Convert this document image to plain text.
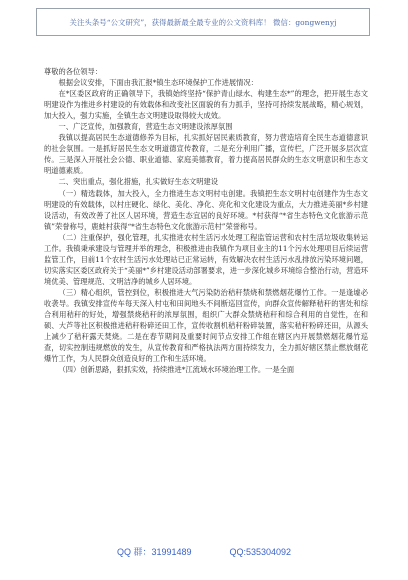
关注头条号“公文研究”，获得最新最全最专业的公文资料库！ 微信：gongwenyj

尊敬的各位领导：

根据会议安排，下面由我汇报*镇生态环境保护工作进展情况：

在*区委区政府的正确领导下，我镇始终坚持“保护青山绿水、构建生态*”的理念，把开展生态文明建设作为推进乡村建设的有效载体和改变社区面貌的有力抓手，坚持可持续发展战略，精心规划，加大投入，强力实施，全镇生态文明建设取得较大成效。

一、广泛宣传，加强教育，营造生态文明建设浓厚氛围

我镇以提高居民生态道德修养为目标，扎实抓好居民素质教育，努力营造培育全民生态道德意识的社会氛围。一是抓好居民生态文明道德宣传教育，二是充分利用广播，宣传栏，广泛开展多层次宣传。三是深入开展社会公德、职业道德、家庭美德教育，着力提高居民群众的生态文明意识和生态文明道德素质。

二、突出重点，强化措施，扎实做好生态文明建设

（一）精选载体，加大投入，全力推进生态文明村屯创建。我镇把生态文明村屯创建作为生态文明建设的有效载体，以村庄硬化、绿化、美化、净化、亮化和文化建设为重点，大力推进美丽*乡村建设活动，有效改善了社区人居环境，营造生态宜居的良好环境。*村获得“*省生态特色文化旅游示范镇”荣誉称号，鹿蛙村获得“*省生态特色文化旅游示范村”荣誉称号。

（二）注重保护，强化管理，扎实推进农村生活污水处理工程监管运营和农村生活垃圾收集转运工作。我镇秉承建设与管理并举的理念，积极推进由我镇作为项目业主的11个污水处理项目后续运营监管工作，目前11个农村生活污水处理站已正常运转，有效解决农村生活污水乱排放污染环境问题，切实落实区委区政府关于“美丽*”乡村建设活动部署要求，进一步深化城乡环境综合整治行动，营造环境优美、管理规范、文明洁净的城乡人居环境。

（三）精心组织，管控到位，积极推进大气污染防治秸秆禁烧和禁燃烟花爆竹工作。一是逢墟必收袭导。我镇安排宣传车每天深入村屯和田间地头不间断巡回宣传，向群众宣传解释秸秆的害处和综合利用秸秆的好处，增强禁烧秸秆的浓厚氛围，组织广大群众禁烧秸秆和综合利用的自觉性，在和硕、大芦等社区积极推进秸秆粉碎还田工作，宣传收割机秸秆粉碎装置，落实秸秆粉碎还田，从源头上减少了秸秆露天焚烧。二是在春节期间及重要时间节点安排工作组在辖区内开展禁燃烟花爆竹巡查，切实控制违规燃放的发生，从宣传教育和严格执法两方面持续发力，全力抓好辖区禁止燃放烟花爆竹工作，为人民群众创造良好的工作和生活环境。

（四）创新思路，狠抓实效，持续推进*江流域水环境治理工作。一是全面

QQ 群：31991489	QQ:535304092
